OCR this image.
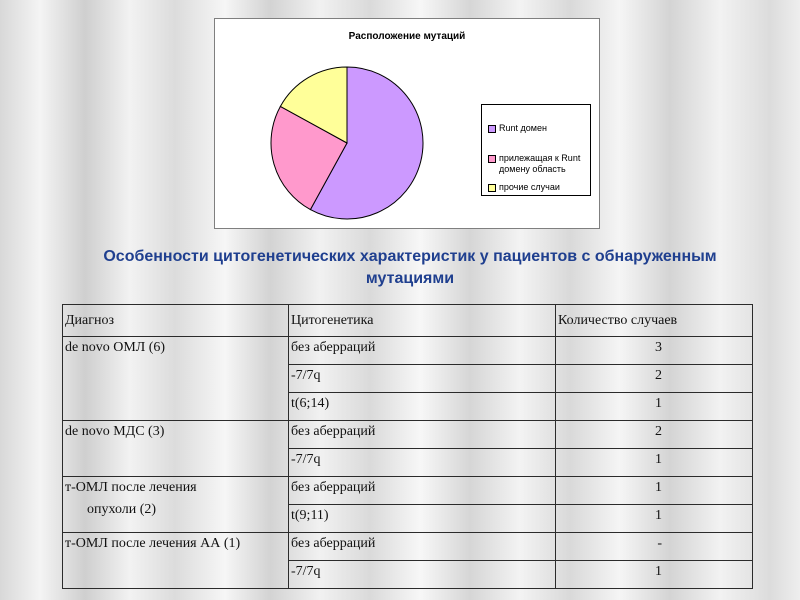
Расположение мутаций
Runt домен
прилежащая к Runt домену область
прочие случаи
Особенности цитогенетических характеристик у пациентов с обнаруженным мутациями
Диагноз	Цитогенетика	Количество случаев
de novo ОМЛ (6)	без аберраций	3
	-7/7q	2
	t(6;14)	1
de novo МДС (3)	без аберраций	2
	-7/7q	1
т-ОМЛ после лечения
опухоли (2)	без аберраций	1
	t(9;11)	1
т-ОМЛ после лечения АА (1)	без аберраций	-
	-7/7q	1
